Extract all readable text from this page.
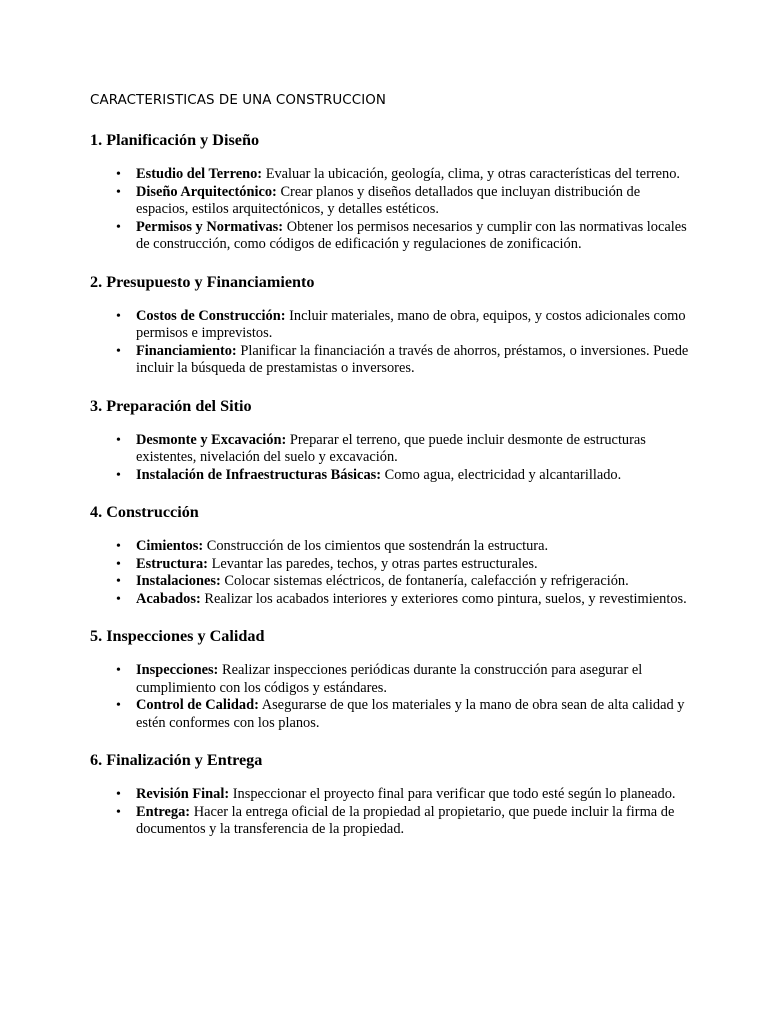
CARACTERISTICAS DE UNA CONSTRUCCION
1. Planificación y Diseño
• Estudio del Terreno: Evaluar la ubicación, geología, clima, y otras características del terreno.
• Diseño Arquitectónico: Crear planos y diseños detallados que incluyan distribución de espacios, estilos arquitectónicos, y detalles estéticos.
• Permisos y Normativas: Obtener los permisos necesarios y cumplir con las normativas locales de construcción, como códigos de edificación y regulaciones de zonificación.
2. Presupuesto y Financiamiento
• Costos de Construcción: Incluir materiales, mano de obra, equipos, y costos adicionales como permisos e imprevistos.
• Financiamiento: Planificar la financiación a través de ahorros, préstamos, o inversiones. Puede incluir la búsqueda de prestamistas o inversores.
3. Preparación del Sitio
• Desmonte y Excavación: Preparar el terreno, que puede incluir desmonte de estructuras existentes, nivelación del suelo y excavación.
• Instalación de Infraestructuras Básicas: Como agua, electricidad y alcantarillado.
4. Construcción
• Cimientos: Construcción de los cimientos que sostendrán la estructura.
• Estructura: Levantar las paredes, techos, y otras partes estructurales.
• Instalaciones: Colocar sistemas eléctricos, de fontanería, calefacción y refrigeración.
• Acabados: Realizar los acabados interiores y exteriores como pintura, suelos, y revestimientos.
5. Inspecciones y Calidad
• Inspecciones: Realizar inspecciones periódicas durante la construcción para asegurar el cumplimiento con los códigos y estándares.
• Control de Calidad: Asegurarse de que los materiales y la mano de obra sean de alta calidad y estén conformes con los planos.
6. Finalización y Entrega
• Revisión Final: Inspeccionar el proyecto final para verificar que todo esté según lo planeado.
• Entrega: Hacer la entrega oficial de la propiedad al propietario, que puede incluir la firma de documentos y la transferencia de la propiedad.
